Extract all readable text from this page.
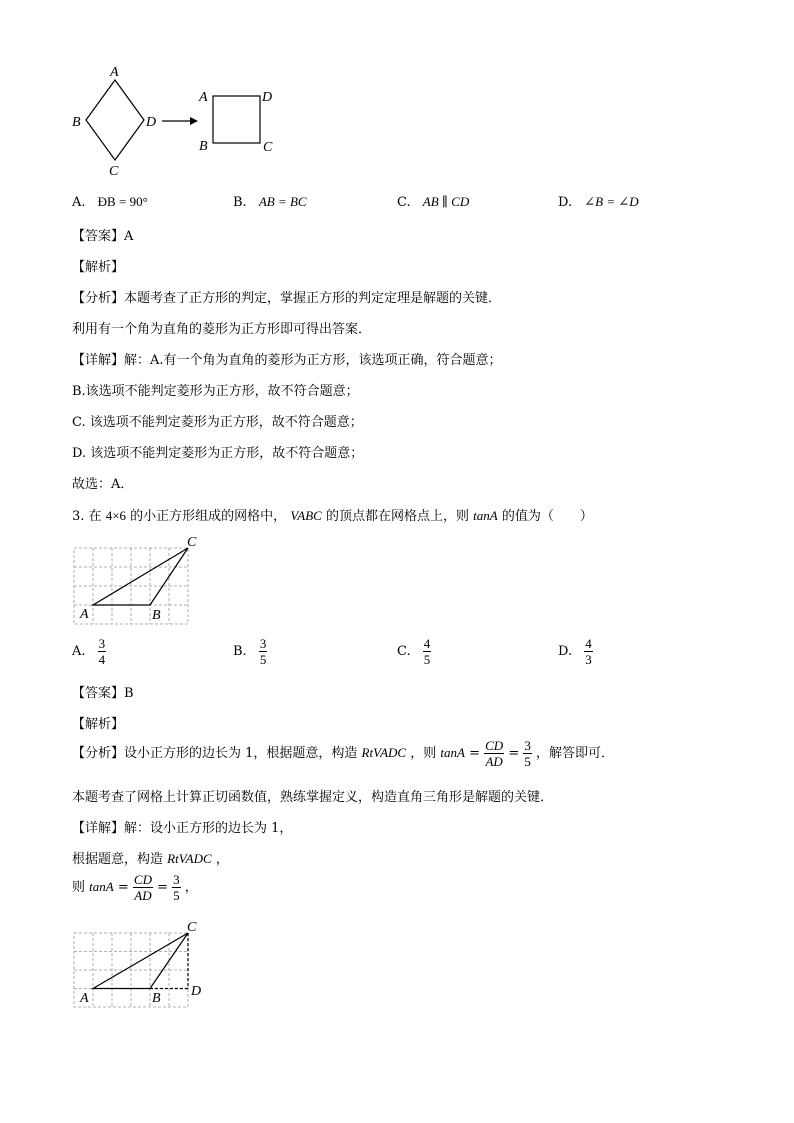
A
B	D
C
A	D
B	C
A. ÐB = 90°	B. AB = BC	C. AB ∥ CD	D. ∠B = ∠D
【答案】A
【解析】
【分析】本题考查了正方形的判定，掌握正方形的判定定理是解题的关键．
利用有一个角为直角的菱形为正方形即可得出答案．
【详解】解：A.有一个角为直角的菱形为正方形，该选项正确，符合题意；
B.该选项不能判定菱形为正方形，故不符合题意；
C. 该选项不能判定菱形为正方形，故不符合题意；
D. 该选项不能判定菱形为正方形，故不符合题意；
故选：A．
3. 在 4×6 的小正方形组成的网格中， VABC 的顶点都在网格点上，则 tanA 的值为（　　）
A	B
C
A. $\frac{3}{4}$	B. $\frac{3}{5}$	C. $\frac{4}{5}$	D. $\frac{4}{3}$
【答案】B
【解析】
【分析】设小正方形的边长为 1，根据题意，构造 RtVADC ，则 $\tan A = \frac{CD}{AD} = \frac{3}{5}$ ，解答即可．
本题考查了网格上计算正切函数值，熟练掌握定义，构造直角三角形是解题的关键．
【详解】解：设小正方形的边长为 1，
根据题意，构造 RtVADC ，
则 $\tan A = \frac{CD}{AD} = \frac{3}{5}$ ，
A	B
C
D
